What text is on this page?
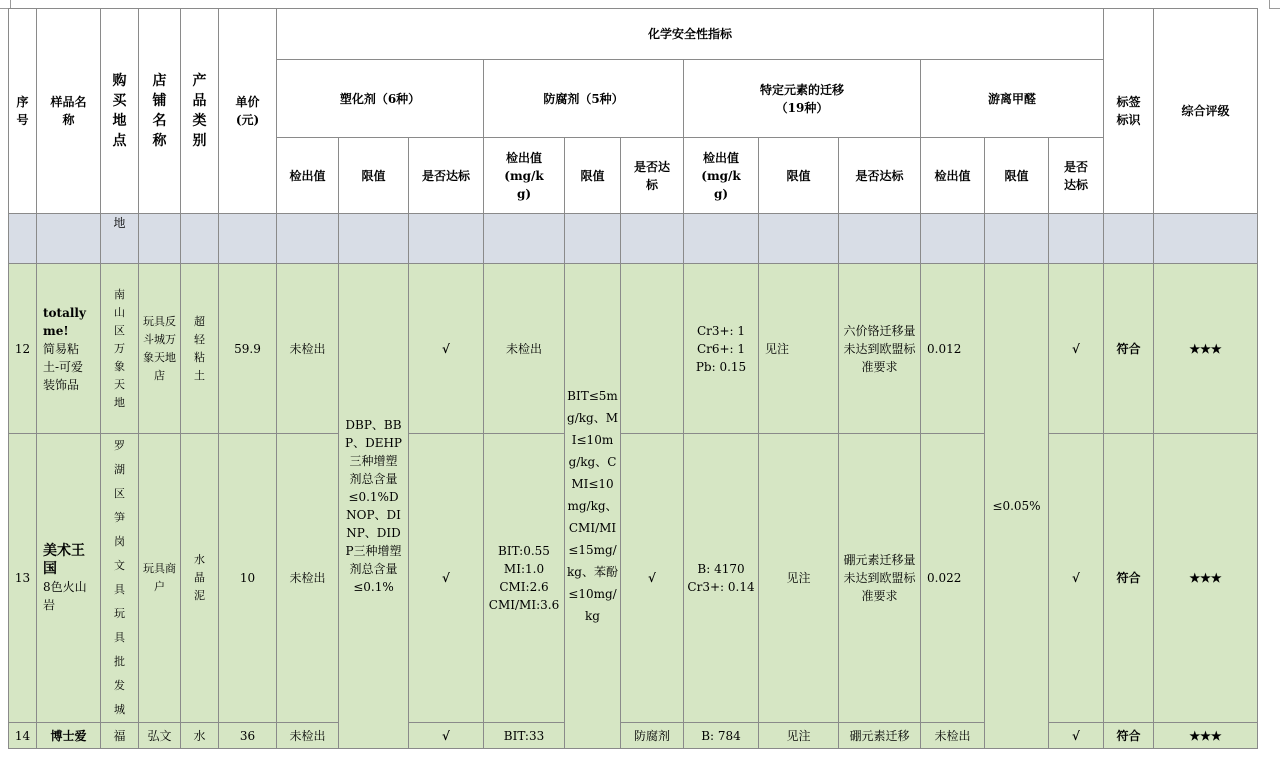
序号	样品名称	购买地点	店铺名称	产品类别	单价(元)	化学安全性指标												标签标识	综合评级
						塑化剂（6种）			防腐剂（5种）			特定元素的迁移
（19种）			游离甲醛				
						检出值	限值	是否达标	检出值(mg/kg)	限值	是否达标	检出值(mg/kg)	限值	是否达标	检出值	限值	是否达标		
		地																	
12	totally me!
简易粘土-可爱装饰品	南山区万象天地	玩具反斗城万象天地店	超轻粘土	59.9	未检出	DBP、BBP、DEHP三种增塑剂总含量≤0.1%DNOP、DINP、DIDP三种增塑剂总含量≤0.1%	√	未检出	BIT≤5mg/kg、MI≤10mg/kg、CMI≤10mg/kg、CMI/MI≤15mg/kg、苯酚≤10mg/kg		Cr3+: 1
Cr6+: 1
Pb: 0.15	见注	六价铬迁移量未达到欧盟标准要求	0.012	≤0.05%	√	符合	★★★
13	美术王国
8色火山岩	罗湖区笋岗文具玩具批发城	玩具商户	水晶泥	10	未检出		√	BIT:0.55
MI:1.0
CMI:2.6
CMI/MI:3.6		√	B: 4170
Cr3+: 0.14	见注	硼元素迁移量未达到欧盟标准要求	0.022		√	符合	★★★
14	博士爱	福	弘文	水	36	未检出		√	BIT:33		防腐剂	B: 784	见注	硼元素迁移	未检出		√	符合	★★★
